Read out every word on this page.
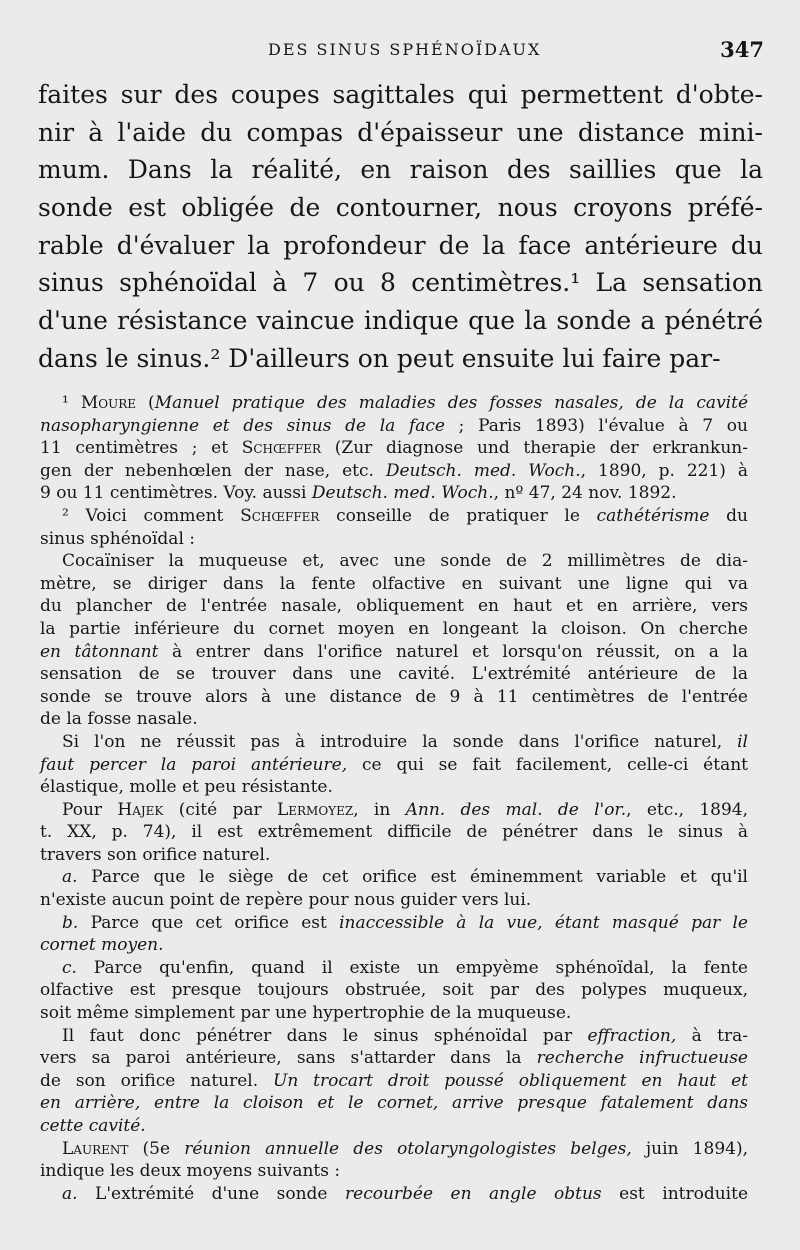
DES SINUS SPHÉNOÏDAUX	347
faites sur des coupes sagittales qui permettent d'obte-
nir à l'aide du compas d'épaisseur une distance mini-
mum. Dans la réalité, en raison des saillies que la
sonde est obligée de contourner, nous croyons préfé-
rable d'évaluer la profondeur de la face antérieure du
sinus sphénoïdal à 7 ou 8 centimètres.¹ La sensation
d'une résistance vaincue indique que la sonde a pénétré
dans le sinus.² D'ailleurs on peut ensuite lui faire par-
¹ Moure (Manuel pratique des maladies des fosses nasales, de la cavité
nasopharyngienne et des sinus de la face ; Paris 1893) l'évalue à 7 ou
11 centimètres ; et Schœffer (Zur diagnose und therapie der erkrankun-
gen der nebenhœlen der nase, etc. Deutsch. med. Woch., 1890, p. 221) à
9 ou 11 centimètres. Voy. aussi Deutsch. med. Woch., nº 47, 24 nov. 1892.
² Voici comment Schœffer conseille de pratiquer le cathétérisme du
sinus sphénoïdal :
Cocaïniser la muqueuse et, avec une sonde de 2 millimètres de dia-
mètre, se diriger dans la fente olfactive en suivant une ligne qui va
du plancher de l'entrée nasale, obliquement en haut et en arrière, vers
la partie inférieure du cornet moyen en longeant la cloison. On cherche
en tâtonnant à entrer dans l'orifice naturel et lorsqu'on réussit, on a la
sensation de se trouver dans une cavité. L'extrémité antérieure de la
sonde se trouve alors à une distance de 9 à 11 centimètres de l'entrée
de la fosse nasale.
Si l'on ne réussit pas à introduire la sonde dans l'orifice naturel, il
faut percer la paroi antérieure, ce qui se fait facilement, celle-ci étant
élastique, molle et peu résistante.
Pour Hajek (cité par Lermoyez, in Ann. des mal. de l'or., etc., 1894,
t. XX, p. 74), il est extrêmement difficile de pénétrer dans le sinus à
travers son orifice naturel.
a. Parce que le siège de cet orifice est éminemment variable et qu'il
n'existe aucun point de repère pour nous guider vers lui.
b. Parce que cet orifice est inaccessible à la vue, étant masqué par le
cornet moyen.
c. Parce qu'enfin, quand il existe un empyème sphénoïdal, la fente
olfactive est presque toujours obstruée, soit par des polypes muqueux,
soit même simplement par une hypertrophie de la muqueuse.
Il faut donc pénétrer dans le sinus sphénoïdal par effraction, à tra-
vers sa paroi antérieure, sans s'attarder dans la recherche infructueuse
de son orifice naturel. Un trocart droit poussé obliquement en haut et
en arrière, entre la cloison et le cornet, arrive presque fatalement dans
cette cavité.
Laurent (5e réunion annuelle des otolaryngologistes belges, juin 1894),
indique les deux moyens suivants :
a. L'extrémité d'une sonde recourbée en angle obtus est introduite
